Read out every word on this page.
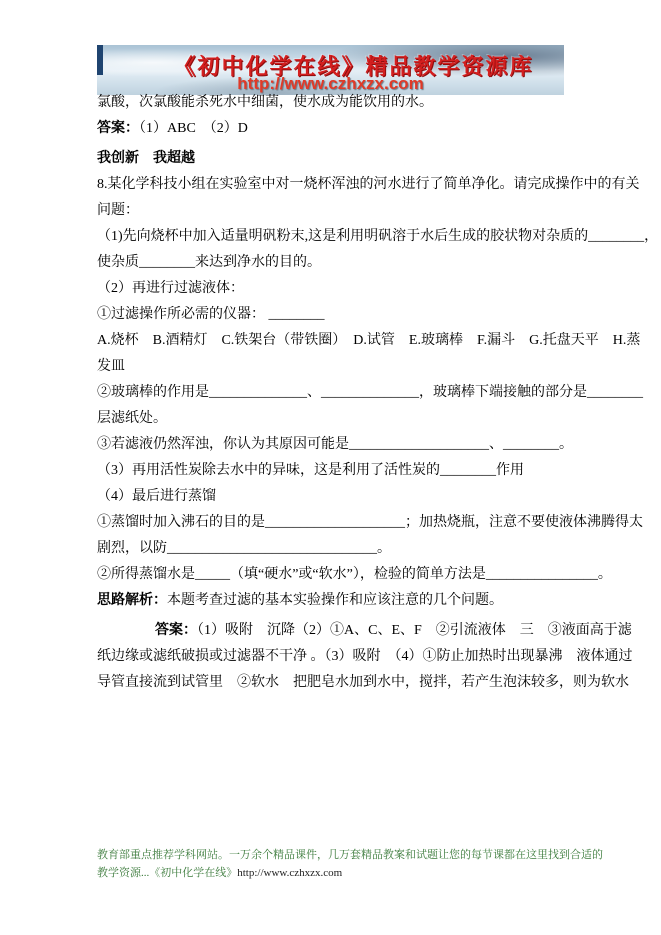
《初中化学在线》精品教学资源库
http://www.czhxzx.com

氯酸，次氯酸能杀死水中细菌，使水成为能饮用的水。

答案：（1）ABC　（2）D

我创新　我超越

8.某化学科技小组在实验室中对一烧杯浑浊的河水进行了简单净化。请完成操作中的有关

问题：

（1)先向烧杯中加入适量明矾粉末,这是利用明矾溶于水后生成的胶状物对杂质的________，

使杂质________来达到净水的目的。

（2）再进行过滤液体：

①过滤操作所必需的仪器： ________

A.烧杯　B.酒精灯　C.铁架台（带铁圈）　D.试管　E.玻璃棒　F.漏斗　G.托盘天平　H.蒸

发皿

②玻璃棒的作用是______________、______________，玻璃棒下端接触的部分是________

层滤纸处。

③若滤液仍然浑浊，你认为其原因可能是____________________、________。

（3）再用活性炭除去水中的异味，这是利用了活性炭的________作用

（4）最后进行蒸馏

①蒸馏时加入沸石的目的是____________________；加热烧瓶，注意不要使液体沸腾得太

剧烈，以防______________________________。

②所得蒸馏水是_____（填“硬水”或“软水”），检验的简单方法是________________。

思路解析：本题考查过滤的基本实验操作和应该注意的几个问题。

答案：（1）吸附　沉降（2）①A、C、E、F　②引流液体　三　③液面高于滤

纸边缘或滤纸破损或过滤器不干净 。（3）吸附　（4）①防止加热时出现暴沸　液体通过

导管直接流到试管里　②软水　把肥皂水加到水中，搅拌，若产生泡沫较多，则为软水

教育部重点推荐学科网站。一万余个精品课件，几万套精品教案和试题让您的每节课都在这里找到合适的

教学资源...《初中化学在线》http://www.czhxzx.com
